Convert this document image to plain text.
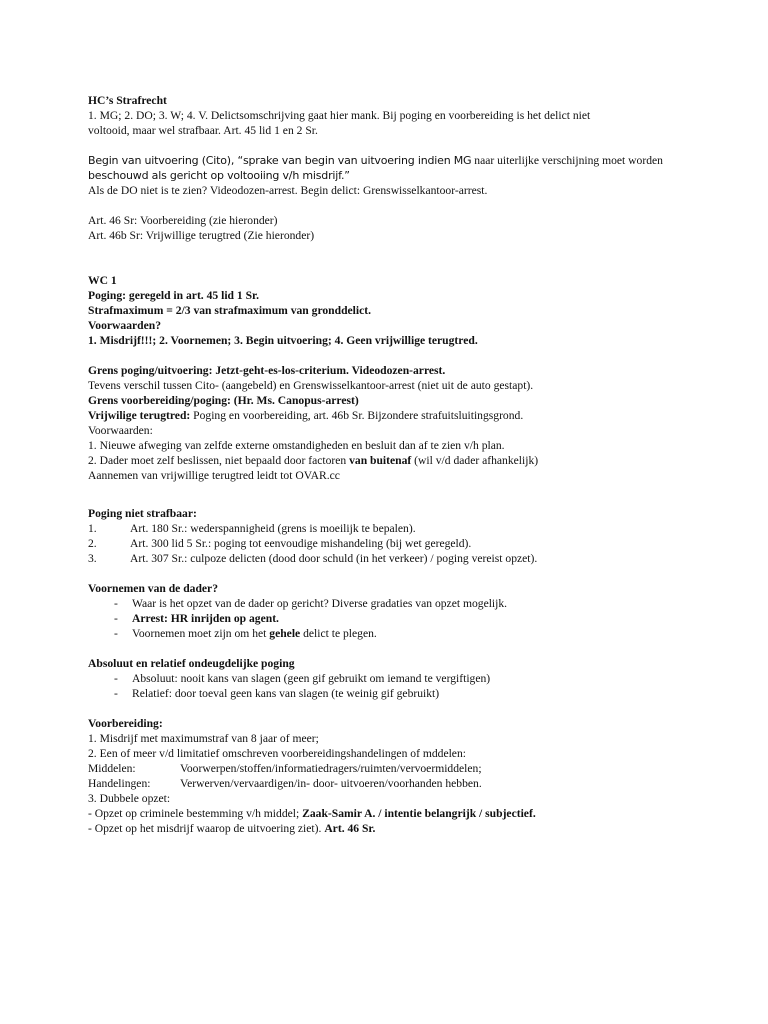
HC’s Strafrecht

1. MG; 2. DO; 3. W; 4. V. Delictsomschrijving gaat hier mank. Bij poging en voorbereiding is het delict niet

voltooid, maar wel strafbaar. Art. 45 lid 1 en 2 Sr.

Begin van uitvoering (Cito), “sprake van begin van uitvoering indien MG naar uiterlijke verschijning moet worden

beschouwd als gericht op voltooiing v/h misdrijf.”

Als de DO niet is te zien? Videodozen-arrest. Begin delict: Grenswisselkantoor-arrest.

Art. 46 Sr: Voorbereiding (zie hieronder)

Art. 46b Sr: Vrijwillige terugtred (Zie hieronder)

WC 1

Poging: geregeld in art. 45 lid 1 Sr.

Strafmaximum = 2/3 van strafmaximum van gronddelict.

Voorwaarden?

1. Misdrijf!!!; 2. Voornemen; 3. Begin uitvoering; 4. Geen vrijwillige terugtred.

Grens poging/uitvoering: Jetzt-geht-es-los-criterium. Videodozen-arrest.

Tevens verschil tussen Cito- (aangebeld) en Grenswisselkantoor-arrest (niet uit de auto gestapt).

Grens voorbereiding/poging: (Hr. Ms. Canopus-arrest)

Vrijwilige terugtred: Poging en voorbereiding, art. 46b Sr. Bijzondere strafuitsluitingsgrond.

Voorwaarden:

1. Nieuwe afweging van zelfde externe omstandigheden en besluit dan af te zien v/h plan.

2. Dader moet zelf beslissen, niet bepaald door factoren van buitenaf (wil v/d dader afhankelijk)

Aannemen van vrijwillige terugtred leidt tot OVAR.cc

Poging niet strafbaar:

1.	Art. 180 Sr.: wederspannigheid (grens is moeilijk te bepalen).
2.	Art. 300 lid 5 Sr.: poging tot eenvoudige mishandeling (bij wet geregeld).
3.	Art. 307 Sr.: culpoze delicten (dood door schuld (in het verkeer) / poging vereist opzet).

Voornemen van de dader?

-	Waar is het opzet van de dader op gericht? Diverse gradaties van opzet mogelijk.
-	Arrest: HR inrijden op agent.
-	Voornemen moet zijn om het gehele delict te plegen.

Absoluut en relatief ondeugdelijke poging

-	Absoluut: nooit kans van slagen (geen gif gebruikt om iemand te vergiftigen)
-	Relatief: door toeval geen kans van slagen (te weinig gif gebruikt)

Voorbereiding:

1. Misdrijf met maximumstraf van 8 jaar of meer;

2. Een of meer v/d limitatief omschreven voorbereidingshandelingen of mddelen:

Middelen:	Voorwerpen/stoffen/informatiedragers/ruimten/vervoermiddelen;
Handelingen:	Verwerven/vervaardigen/in- door- uitvoeren/voorhanden hebben.

3. Dubbele opzet:

- Opzet op criminele bestemming v/h middel; Zaak-Samir A. / intentie belangrijk / subjectief.

- Opzet op het misdrijf waarop de uitvoering ziet). Art. 46 Sr.
